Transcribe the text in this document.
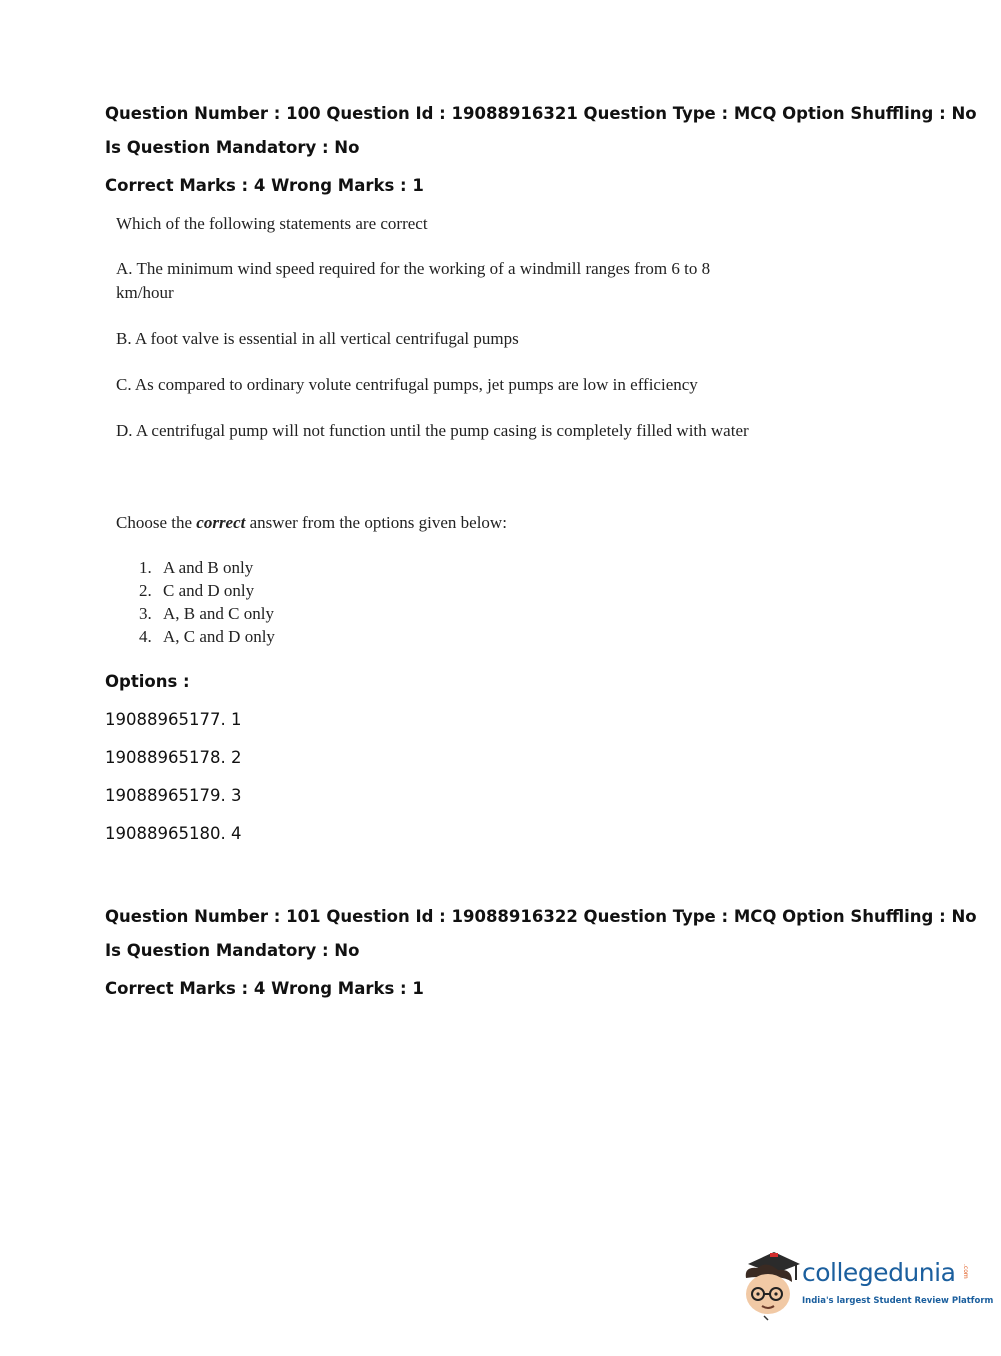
Question Number : 100 Question Id : 19088916321 Question Type : MCQ Option Shuffling : No
Is Question Mandatory : No
Correct Marks : 4 Wrong Marks : 1
Which of the following statements are correct
A. The minimum wind speed required for the working of a windmill ranges from 6 to 8
km/hour
B. A foot valve is essential in all vertical centrifugal pumps
C. As compared to ordinary volute centrifugal pumps, jet pumps are low in efficiency
D. A centrifugal pump will not function until the pump casing is completely filled with water
Choose the correct answer from the options given below:
1. A and B only
2. C and D only
3. A, B and C only
4. A, C and D only
Options :
19088965177. 1
19088965178. 2
19088965179. 3
19088965180. 4
Question Number : 101 Question Id : 19088916322 Question Type : MCQ Option Shuffling : No
Is Question Mandatory : No
Correct Marks : 4 Wrong Marks : 1
collegedunia .com
India's largest Student Review Platform
